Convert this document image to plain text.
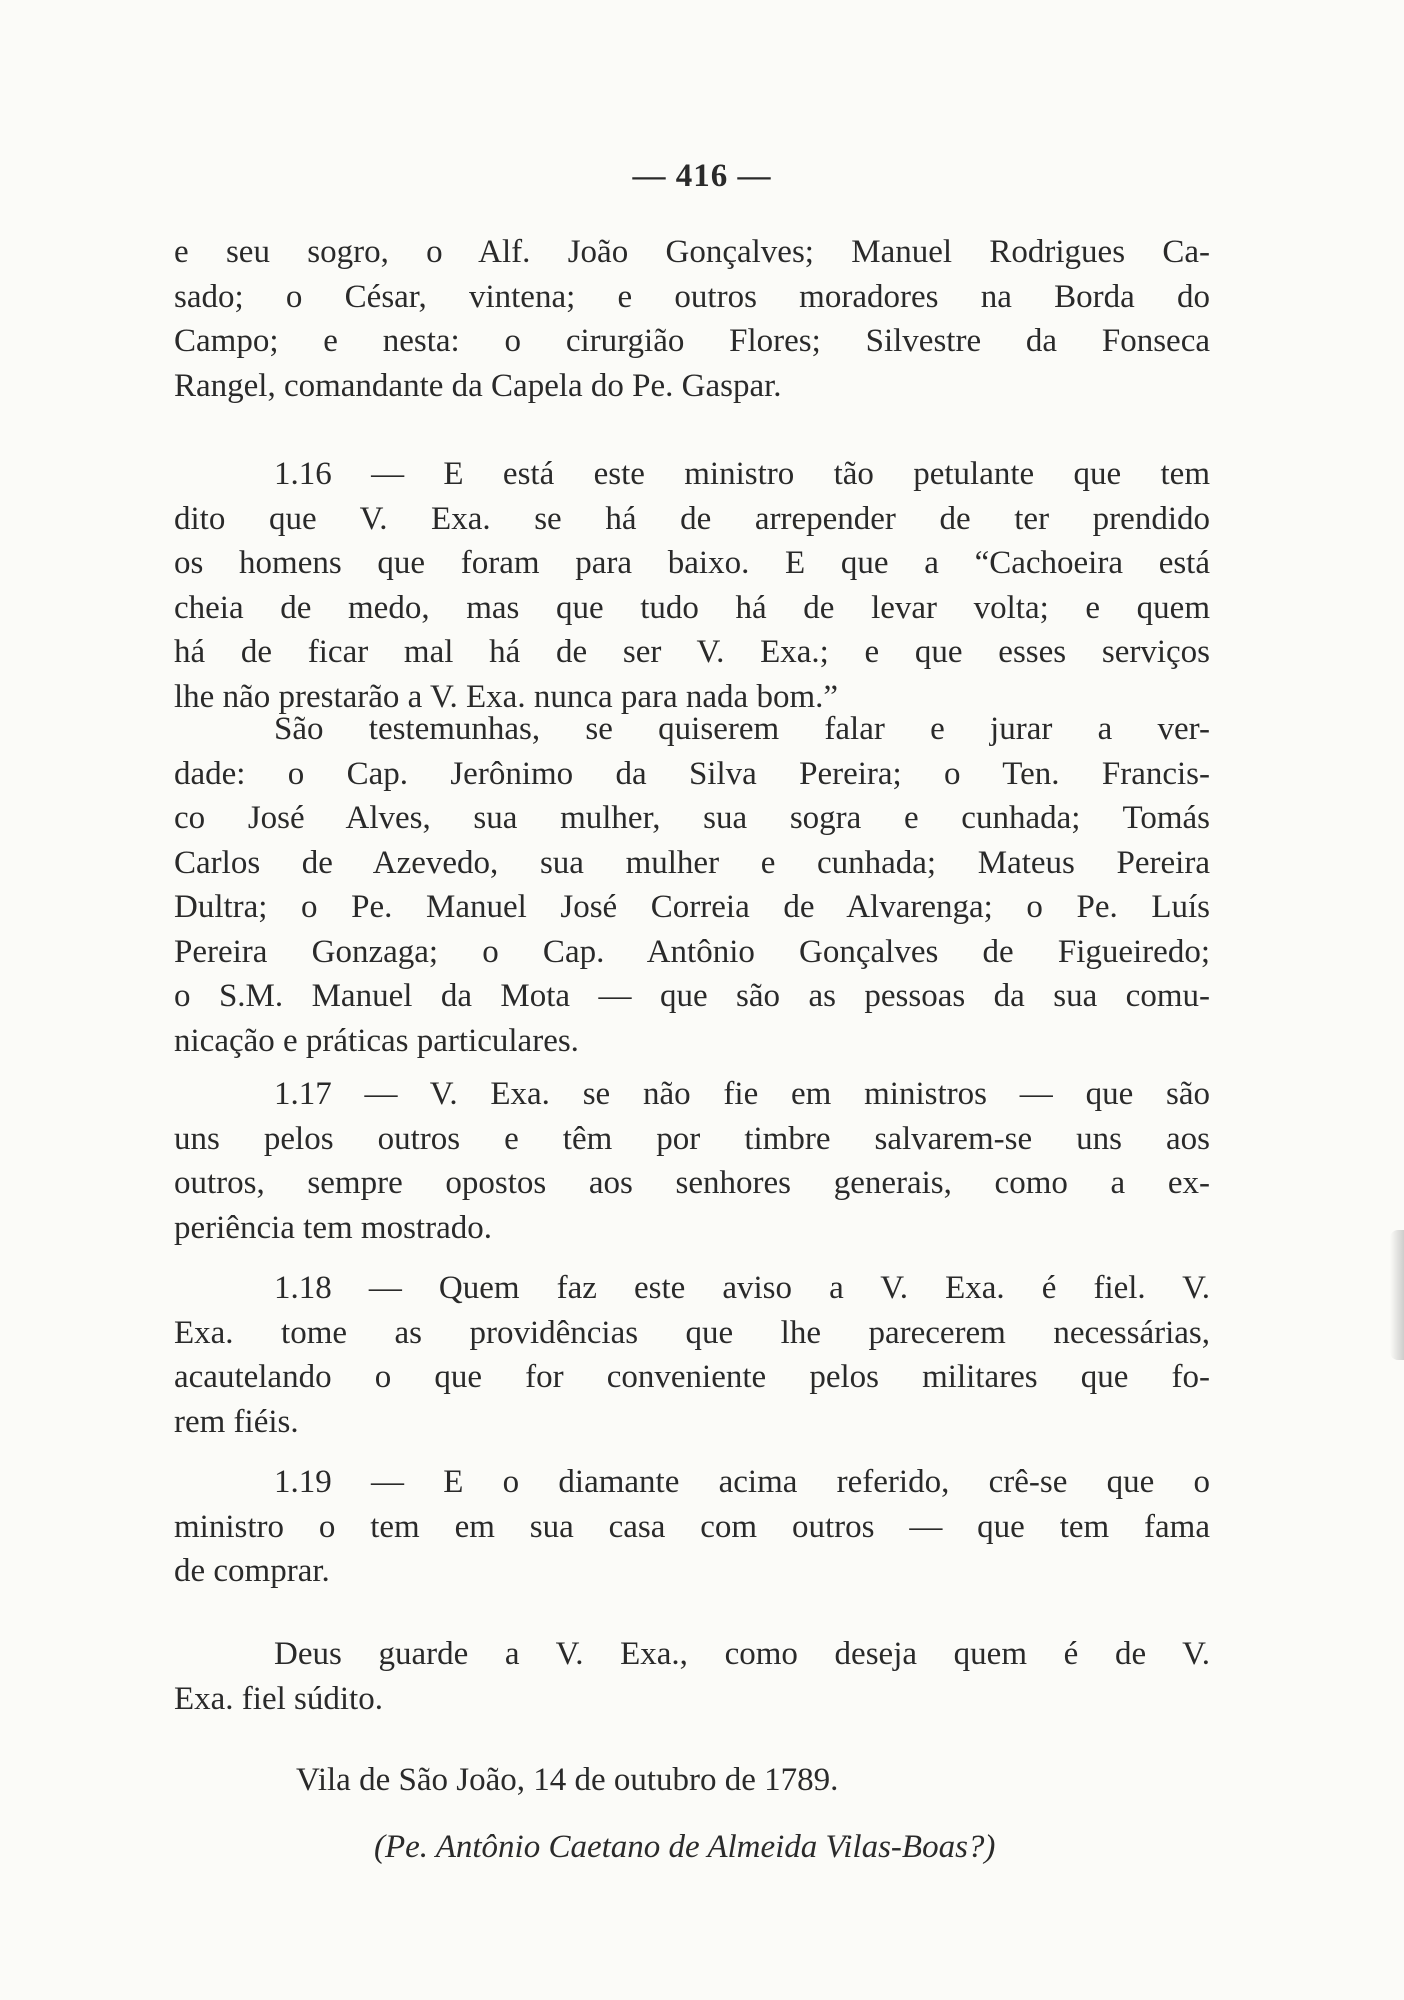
— 416 —
e seu sogro, o Alf. João Gonçalves; Manuel Rodrigues Ca-
sado; o César, vintena; e outros moradores na Borda do
Campo; e nesta: o cirurgião Flores; Silvestre da Fonseca
Rangel, comandante da Capela do Pe. Gaspar.
1.16 — E está este ministro tão petulante que tem
dito que V. Exa. se há de arrepender de ter prendido
os homens que foram para baixo. E que a “Cachoeira está
cheia de medo, mas que tudo há de levar volta; e quem
há de ficar mal há de ser V. Exa.; e que esses serviços
lhe não prestarão a V. Exa. nunca para nada bom.”
São testemunhas, se quiserem falar e jurar a ver-
dade: o Cap. Jerônimo da Silva Pereira; o Ten. Francis-
co José Alves, sua mulher, sua sogra e cunhada; Tomás
Carlos de Azevedo, sua mulher e cunhada; Mateus Pereira
Dultra; o Pe. Manuel José Correia de Alvarenga; o Pe. Luís
Pereira Gonzaga; o Cap. Antônio Gonçalves de Figueiredo;
o S.M. Manuel da Mota — que são as pessoas da sua comu-
nicação e práticas particulares.
1.17 — V. Exa. se não fie em ministros — que são
uns pelos outros e têm por timbre salvarem-se uns aos
outros, sempre opostos aos senhores generais, como a ex-
periência tem mostrado.
1.18 — Quem faz este aviso a V. Exa. é fiel. V.
Exa. tome as providências que lhe parecerem necessárias,
acautelando o que for conveniente pelos militares que fo-
rem fiéis.
1.19 — E o diamante acima referido, crê-se que o
ministro o tem em sua casa com outros — que tem fama
de comprar.
Deus guarde a V. Exa., como deseja quem é de V.
Exa. fiel súdito.
Vila de São João, 14 de outubro de 1789.
(Pe. Antônio Caetano de Almeida Vilas-Boas?)
